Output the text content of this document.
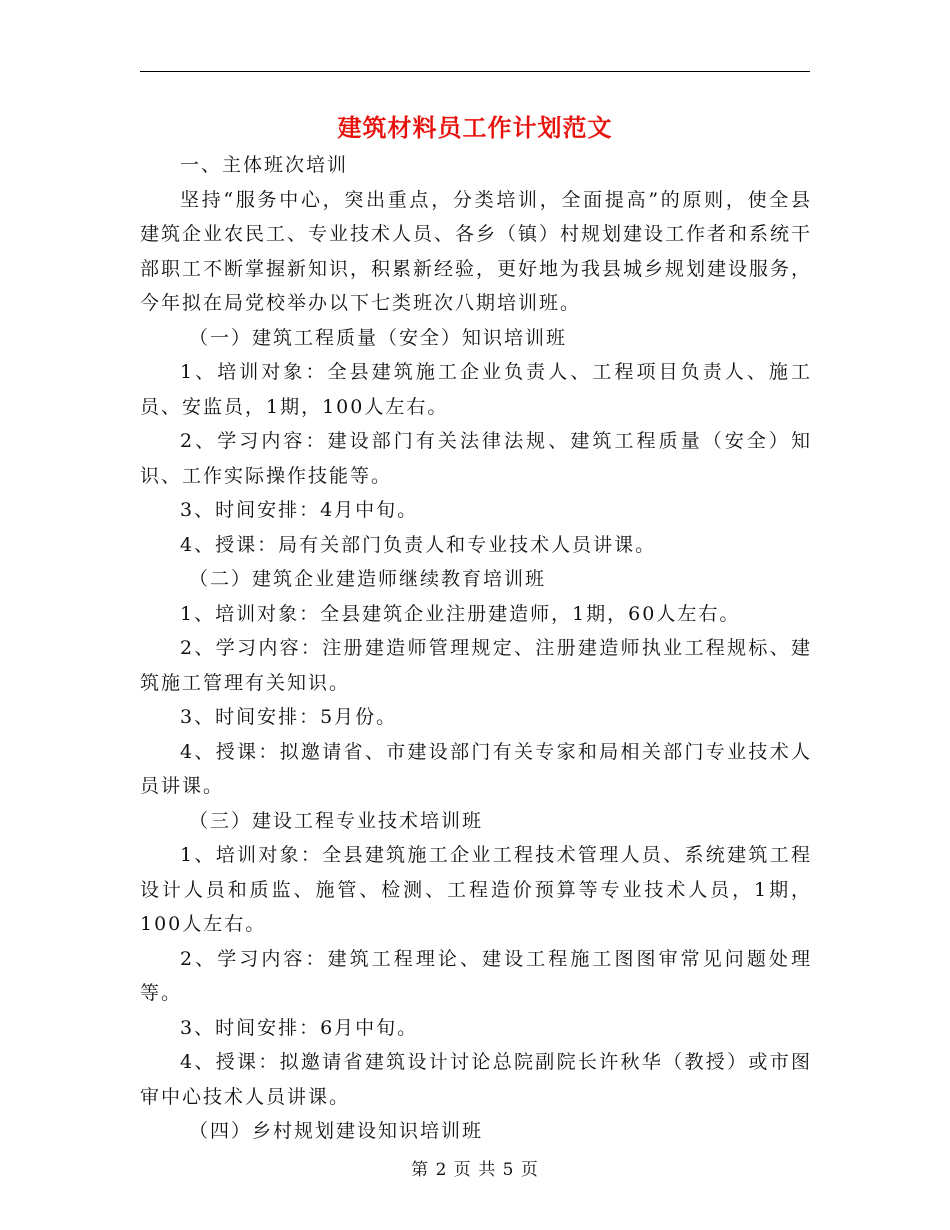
建筑材料员工作计划范文

一、主体班次培训

坚持“服务中心，突出重点，分类培训，全面提高”的原则，使全县建筑企业农民工、专业技术人员、各乡（镇）村规划建设工作者和系统干部职工不断掌握新知识，积累新经验，更好地为我县城乡规划建设服务，今年拟在局党校举办以下七类班次八期培训班。

（一）建筑工程质量（安全）知识培训班

1、培训对象：全县建筑施工企业负责人、工程项目负责人、施工员、安监员，1期，100人左右。

2、学习内容：建设部门有关法律法规、建筑工程质量（安全）知识、工作实际操作技能等。

3、时间安排：4月中旬。

4、授课：局有关部门负责人和专业技术人员讲课。

（二）建筑企业建造师继续教育培训班

1、培训对象：全县建筑企业注册建造师，1期，60人左右。

2、学习内容：注册建造师管理规定、注册建造师执业工程规标、建筑施工管理有关知识。

3、时间安排：5月份。

4、授课：拟邀请省、市建设部门有关专家和局相关部门专业技术人员讲课。

（三）建设工程专业技术培训班

1、培训对象：全县建筑施工企业工程技术管理人员、系统建筑工程设计人员和质监、施管、检测、工程造价预算等专业技术人员，1期，100人左右。

2、学习内容：建筑工程理论、建设工程施工图图审常见问题处理等。

3、时间安排：6月中旬。

4、授课：拟邀请省建筑设计讨论总院副院长许秋华（教授）或市图审中心技术人员讲课。

（四）乡村规划建设知识培训班

第 2 页 共 5 页
